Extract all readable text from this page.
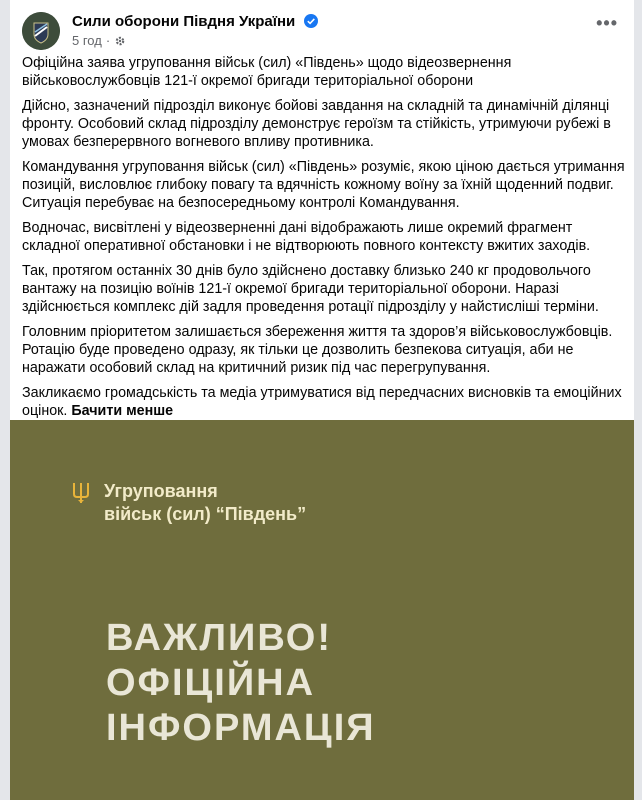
Сили оборони Півдня України
5 год ·
•••

Офіційна заява угруповання військ (сил) «Південь» щодо відеозвернення військовослужбовців 121-ї окремої бригади територіальної оборони

Дійсно, зазначений підрозділ виконує бойові завдання на складній та динамічній ділянці фронту. Особовий склад підрозділу демонструє героїзм та стійкість, утримуючи рубежі в умовах безперервного вогневого впливу противника.

Командування угруповання військ (сил) «Південь» розуміє, якою ціною дається утримання позицій, висловлює глибоку повагу та вдячність кожному воїну за їхній щоденний подвиг. Ситуація перебуває на безпосередньому контролі Командування.

Водночас, висвітлені у відеозверненні дані відображають лише окремий фрагмент складної оперативної обстановки і не відтворюють повного контексту вжитих заходів.

Так, протягом останніх 30 днів було здійснено доставку близько 240 кг продовольчого вантажу на позицію воїнів 121-ї окремої бригади територіальної оборони. Наразі здійснюється комплекс дій задля проведення ротації підрозділу у найстисліші терміни.

Головним пріоритетом залишається збереження життя та здоров’я військовослужбовців. Ротацію буде проведено одразу, як тільки це дозволить безпекова ситуація, аби не наражати особовий склад на критичний ризик під час перегрупування.

Закликаємо громадськість та медіа утримуватися від передчасних висновків та емоційних оцінок. Бачити менше

Угруповання
військ (сил) “Південь”
ВАЖЛИВО!
ОФІЦІЙНА
ІНФОРМАЦІЯ
